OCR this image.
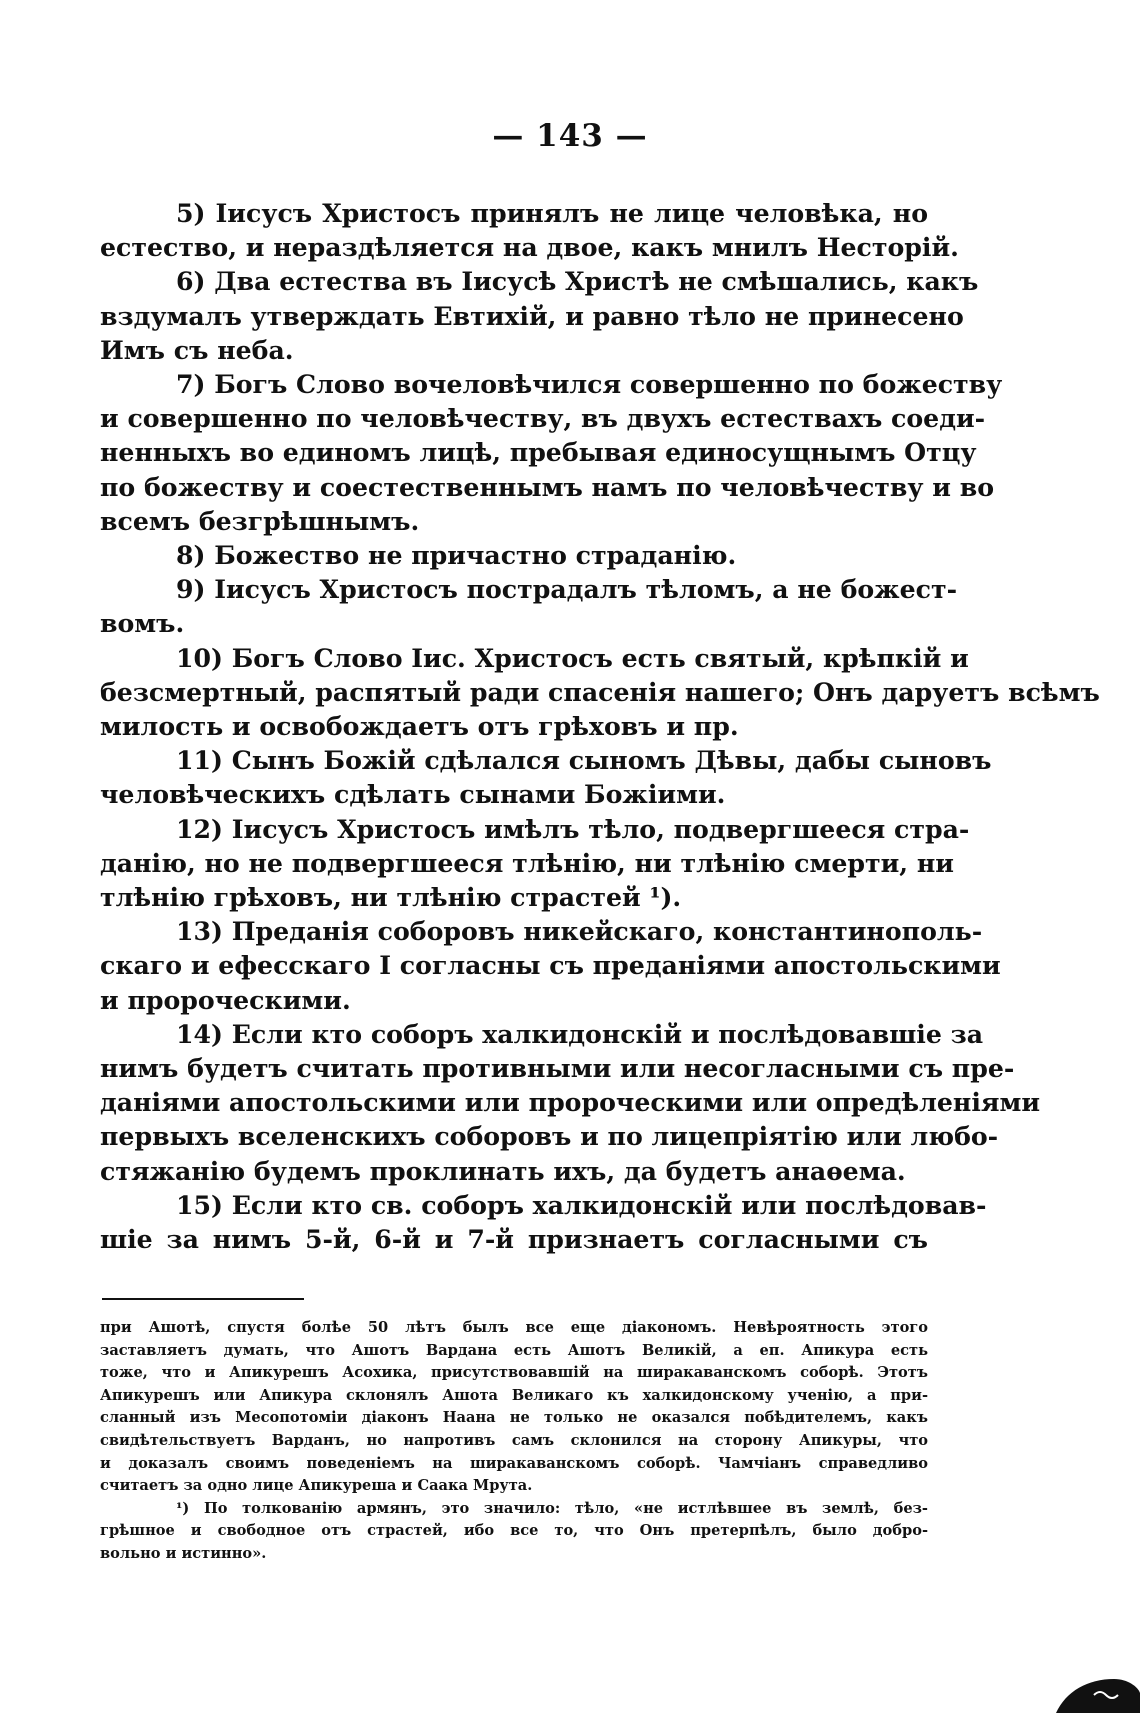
— 143 —
5) Іисусъ Христосъ принялъ не лице человѣка, но
естество, и нераздѣляется на двое, какъ мнилъ Несторій.
6) Два естества въ Іисусѣ Христѣ не смѣшались, какъ
вздумалъ утверждать Евтихій, и равно тѣло не принесено
Имъ съ неба.
7) Богъ Слово вочеловѣчился совершенно по божеству
и совершенно по человѣчеству, въ двухъ естествахъ соеди-
ненныхъ во единомъ лицѣ, пребывая единосущнымъ Отцу
по божеству и соестественнымъ намъ по человѣчеству и во
всемъ безгрѣшнымъ.
8) Божество не причастно страданію.
9) Іисусъ Христосъ пострадалъ тѣломъ, а не божест-
вомъ.
10) Богъ Слово Іис. Христосъ есть святый, крѣпкій и
безсмертный, распятый ради спасенія нашего; Онъ даруетъ всѣмъ
милость и освобождаетъ отъ грѣховъ и пр.
11) Сынъ Божій сдѣлался сыномъ Дѣвы, дабы сыновъ
человѣческихъ сдѣлать сынами Божіими.
12) Іисусъ Христосъ имѣлъ тѣло, подвергшееся стра-
данію, но не подвергшееся тлѣнію, ни тлѣнію смерти, ни
тлѣнію грѣховъ, ни тлѣнію страстей ¹).
13) Преданія соборовъ никейскаго, константинополь-
скаго и ефесскаго I согласны съ преданіями апостольскими
и пророческими.
14) Если кто соборъ халкидонскій и послѣдовавшіе за
нимъ будетъ считать противными или несогласными съ пре-
даніями апостольскими или пророческими или опредѣленіями
первыхъ вселенскихъ соборовъ и по лицепріятію или любо-
стяжанію будемъ проклинать ихъ, да будетъ анаѳема.
15) Если кто св. соборъ халкидонскій или послѣдовав-
шіе за нимъ 5-й, 6-й и 7-й признаетъ согласными съ
при Ашотѣ, спустя болѣе 50 лѣтъ былъ все еще діакономъ. Невѣроятность этого
заставляетъ думать, что Ашотъ Вардана есть Ашотъ Великій, а еп. Апикура есть
тоже, что и Апикурешъ Асохика, присутствовавшій на ширакаванскомъ соборѣ. Этотъ
Апикурешъ или Апикура склонялъ Ашота Великаго къ халкидонскому ученію, а при-
сланный изъ Месопотоміи діаконъ Наана не только не оказался побѣдителемъ, какъ
свидѣтельствуетъ Варданъ, но напротивъ самъ склонился на сторону Апикуры, что
и доказалъ своимъ поведеніемъ на ширакаванскомъ соборѣ. Чамчіанъ справедливо
считаетъ за одно лице Апикуреша и Саака Мрута.
¹) По толкованію армянъ, это значило: тѣло, «не истлѣвшее въ землѣ, без-
грѣшное и свободное отъ страстей, ибо все то, что Онъ претерпѣлъ, было добро-
вольно и истинно».
